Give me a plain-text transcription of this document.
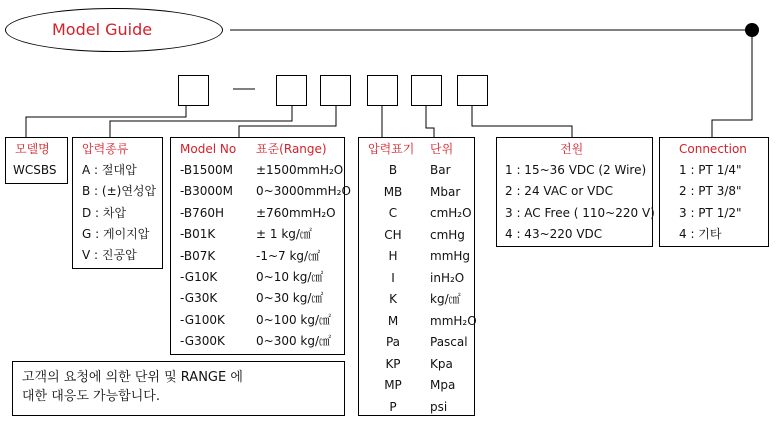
Model Guide
모델명
WCSBS
압력종류
A : 절대압
B : (±)연성압
D : 차압
G : 게이지압
V : 진공압
Model No 표준(Range)
-B1500M ±1500mmH₂O
-B3000M 0~3000mmH₂O
-B760H	±760mmH₂O
-B01K	± 1 kg/㎠
-B07K	-1~7 kg/㎠
-G10K	0~10 kg/㎠
-G30K	0~30 kg/㎠
-G100K	0~100 kg/㎠
-G300K	0~300 kg/㎠
압력표기 단위
B	Bar
MB	Mbar
C	cmH₂O
CH	cmHg
H	mmHg
I	inH₂O
K	kg/㎠
M	mmH₂O
Pa	Pascal
KP	Kpa
MP	Mpa
P	psi
전원
1 : 15~36 VDC (2 Wire)
2 : 24 VAC or VDC
3 : AC Free ( 110~220 V)
4 : 43~220 VDC
Connection
1 : PT 1/4"
2 : PT 3/8"
3 : PT 1/2"
4 : 기타
고객의 요청에 의한 단위 및 RANGE 에
대한 대응도 가능합니다.
